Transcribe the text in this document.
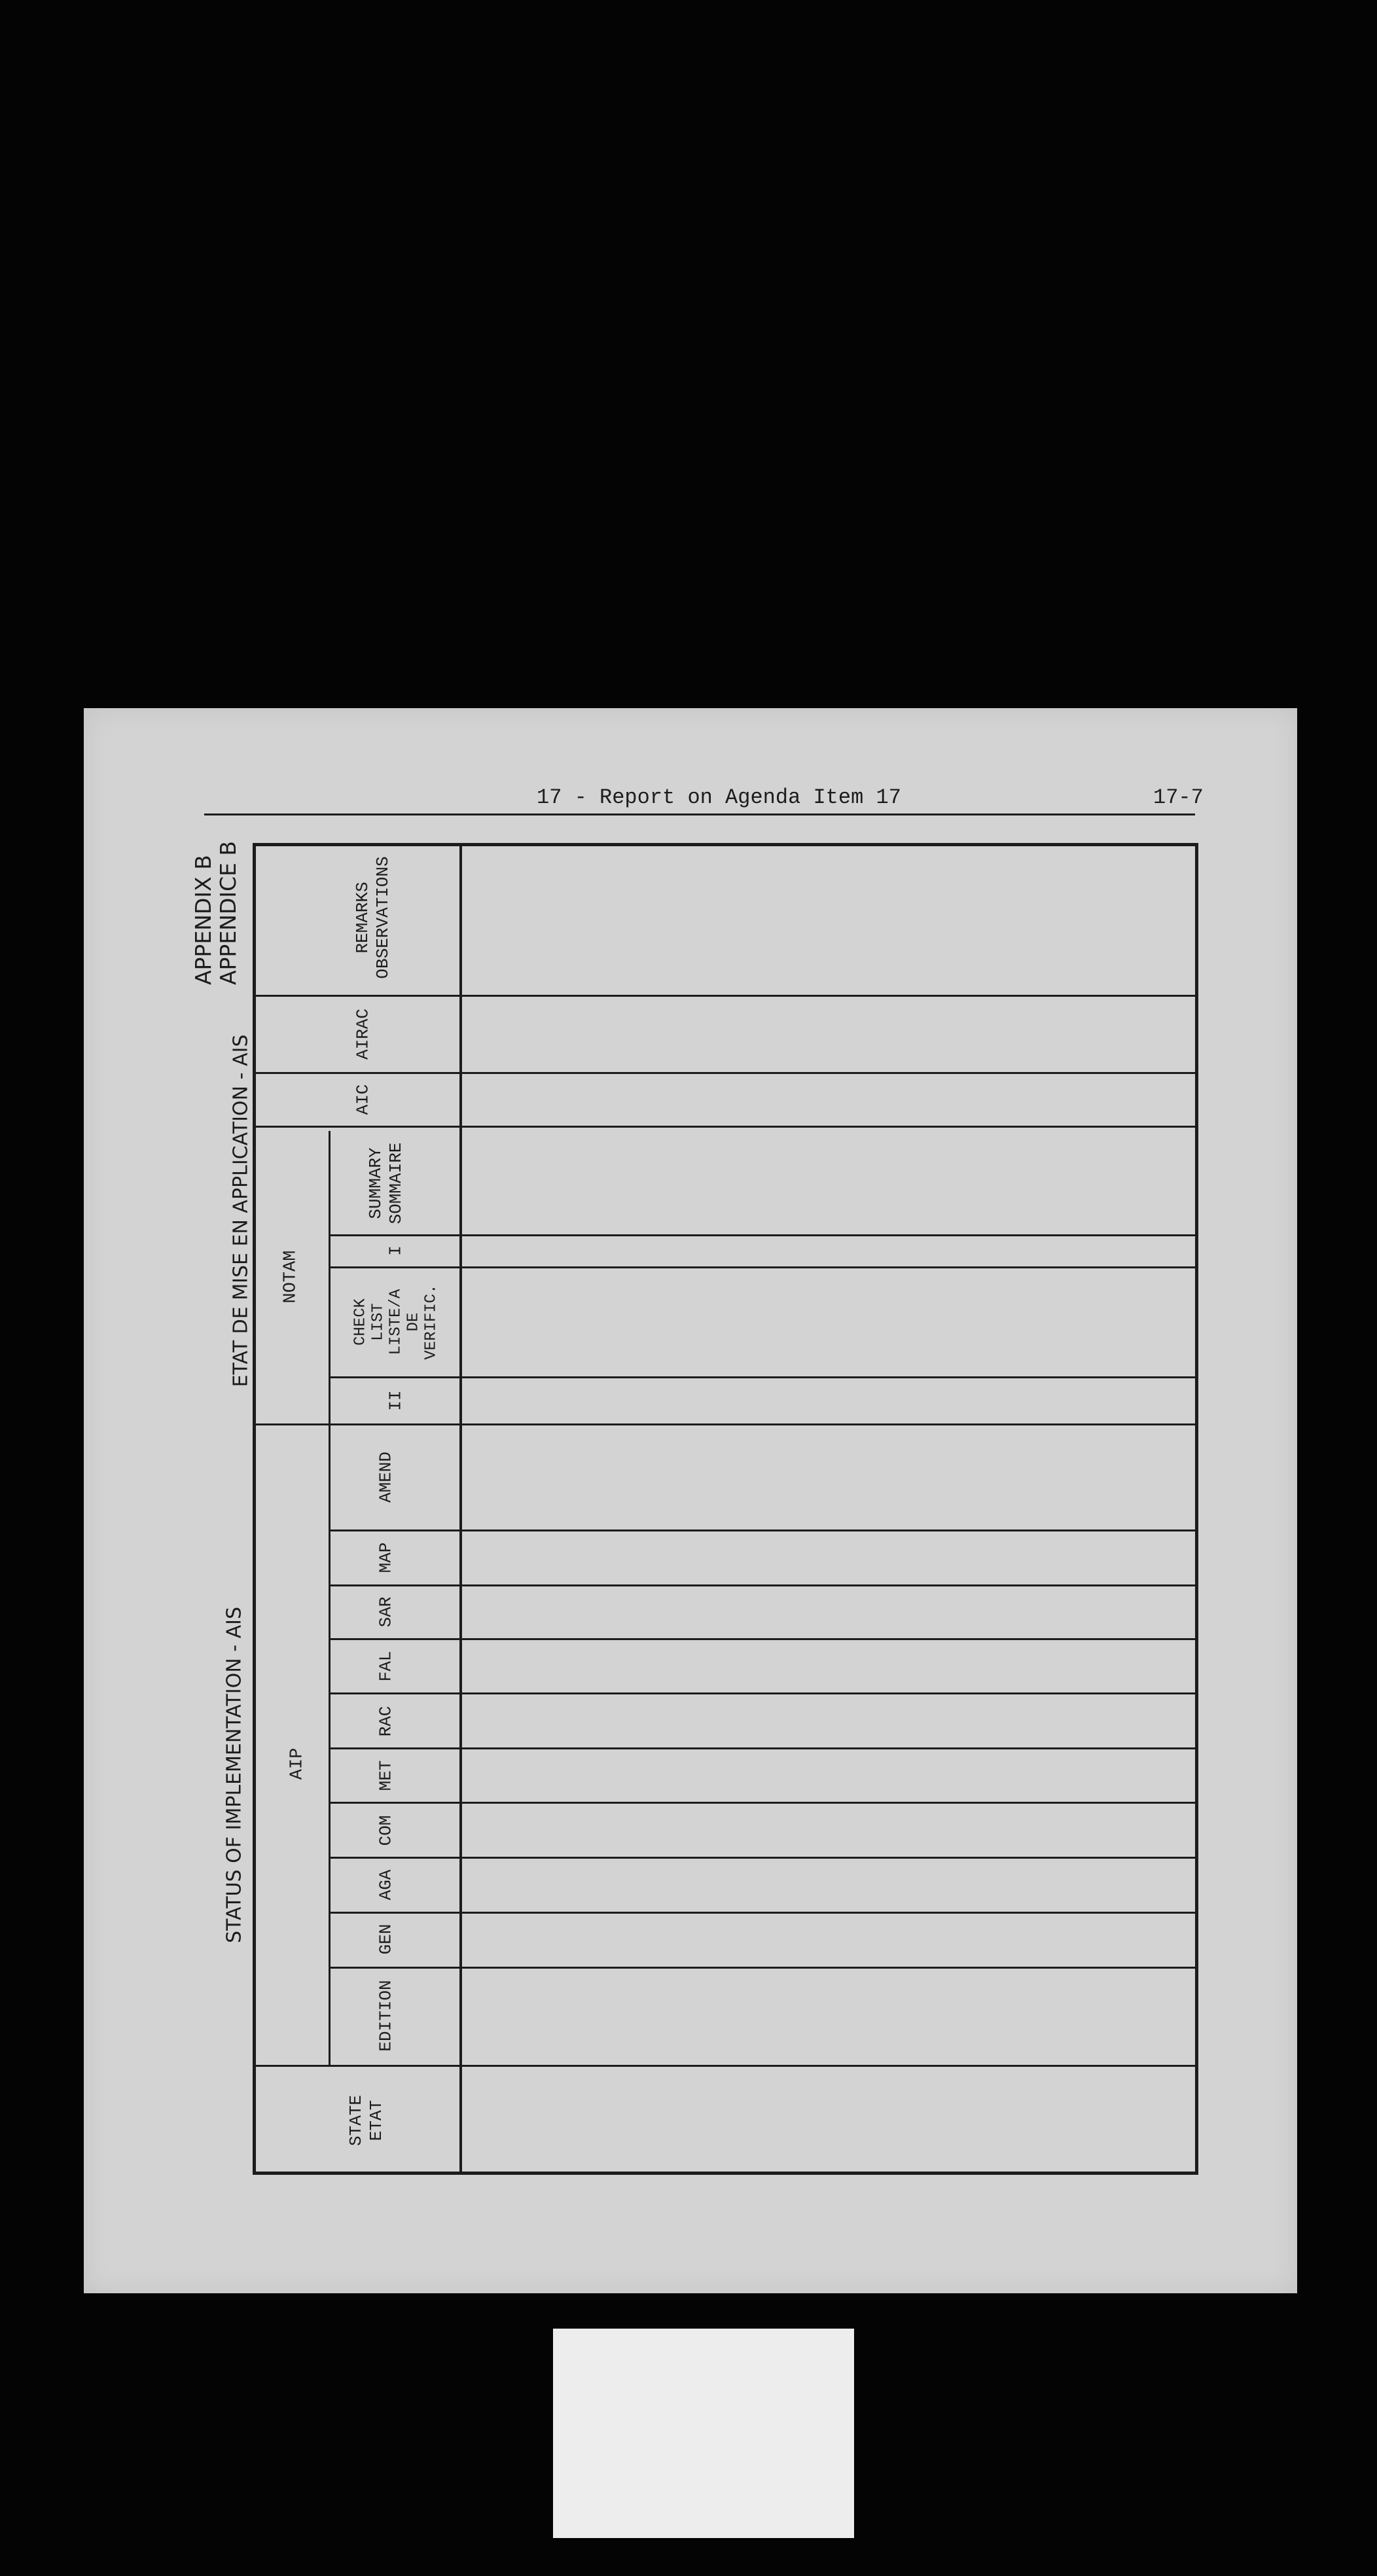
17 - Report on Agenda Item 17	17-7
APPENDIX B APPENDICE B
ETAT DE MISE EN APPLICATION - AIS
STATUS OF IMPLEMENTATION - AIS
NOTAM
AIP
REMARKS
OBSERVATIONS
AIRAC
AIC
SUMMARY
SOMMAIRE
I
CHECK
LIST
LISTE/A
DE
VERIFIC.
II
AMEND
MAP
SAR
FAL
RAC
MET
COM
AGA
GEN
EDITION
STATE
ETAT
